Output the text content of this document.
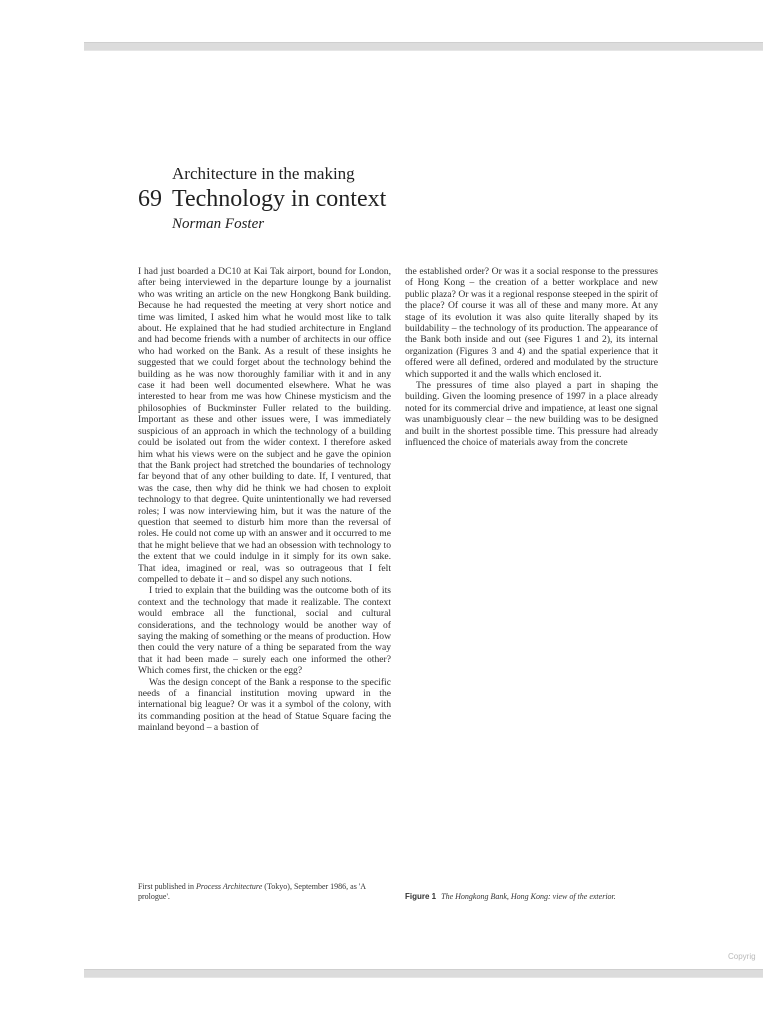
Architecture in the making
69 Technology in context
Norman Foster

I had just boarded a DC10 at Kai Tak airport, bound for London, after being interviewed in the departure lounge by a journalist who was writing an article on the new Hongkong Bank building. Because he had requested the meeting at very short notice and time was limited, I asked him what he would most like to talk about. He explained that he had studied architecture in England and had become friends with a number of architects in our office who had worked on the Bank. As a result of these insights he suggested that we could forget about the technology behind the building as he was now thoroughly familiar with it and in any case it had been well documented elsewhere. What he was interested to hear from me was how Chinese mysticism and the philosophies of Buckminster Fuller related to the building. Important as these and other issues were, I was immediately suspicious of an approach in which the technology of a building could be isolated out from the wider context. I therefore asked him what his views were on the subject and he gave the opinion that the Bank project had stretched the boundaries of technology far beyond that of any other building to date. If, I ventured, that was the case, then why did he think we had chosen to exploit technology to that degree. Quite unintentionally we had reversed roles; I was now interviewing him, but it was the nature of the question that seemed to disturb him more than the reversal of roles. He could not come up with an answer and it occurred to me that he might believe that we had an obsession with technology to the extent that we could indulge in it simply for its own sake. That idea, imagined or real, was so outrageous that I felt compelled to debate it – and so dispel any such notions.

I tried to explain that the building was the outcome both of its context and the technology that made it realizable. The context would embrace all the functional, social and cultural considerations, and the technology would be another way of saying the making of something or the means of production. How then could the very nature of a thing be separated from the way that it had been made – surely each one informed the other? Which comes first, the chicken or the egg?

Was the design concept of the Bank a response to the specific needs of a financial institution moving upward in the international big league? Or was it a symbol of the colony, with its commanding position at the head of Statue Square facing the mainland beyond – a bastion of

the established order? Or was it a social response to the pressures of Hong Kong – the creation of a better workplace and new public plaza? Or was it a regional response steeped in the spirit of the place? Of course it was all of these and many more. At any stage of its evolution it was also quite literally shaped by its buildability – the technology of its production. The appearance of the Bank both inside and out (see Figures 1 and 2), its internal organization (Figures 3 and 4) and the spatial experience that it offered were all defined, ordered and modulated by the structure which supported it and the walls which enclosed it.

The pressures of time also played a part in shaping the building. Given the looming presence of 1997 in a place already noted for its commercial drive and impatience, at least one signal was unambiguously clear – the new building was to be designed and built in the shortest possible time. This pressure had already influenced the choice of materials away from the concrete

First published in Process Architecture (Tokyo), September 1986, as 'A prologue'.	Figure 1 The Hongkong Bank, Hong Kong: view of the exterior.
Copyrig
